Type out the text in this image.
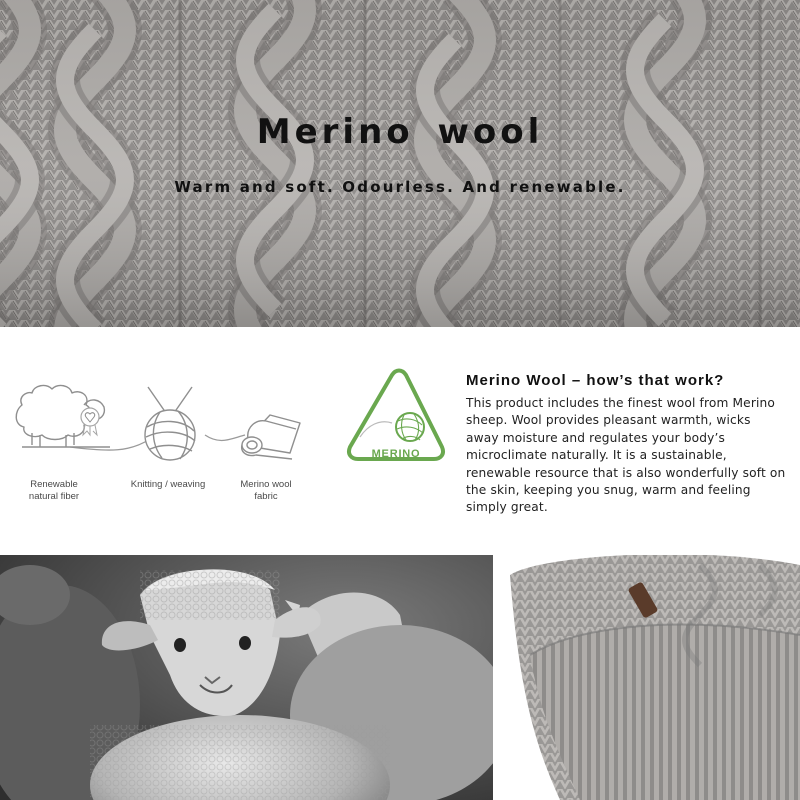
Merino wool
Warm and soft. Odourless. And renewable.
MERINO
Renewable
natural fiber
Knitting / weaving	Merino wool
fabric

Merino Wool – how’s that work?

This product includes the finest wool from Merino sheep. Wool provides pleasant warmth, wicks away moisture and regulates your body’s microclimate naturally. It is a sustainable, renewable resource that is also wonderfully soft on the skin, keeping you snug, warm and feeling simply great.
